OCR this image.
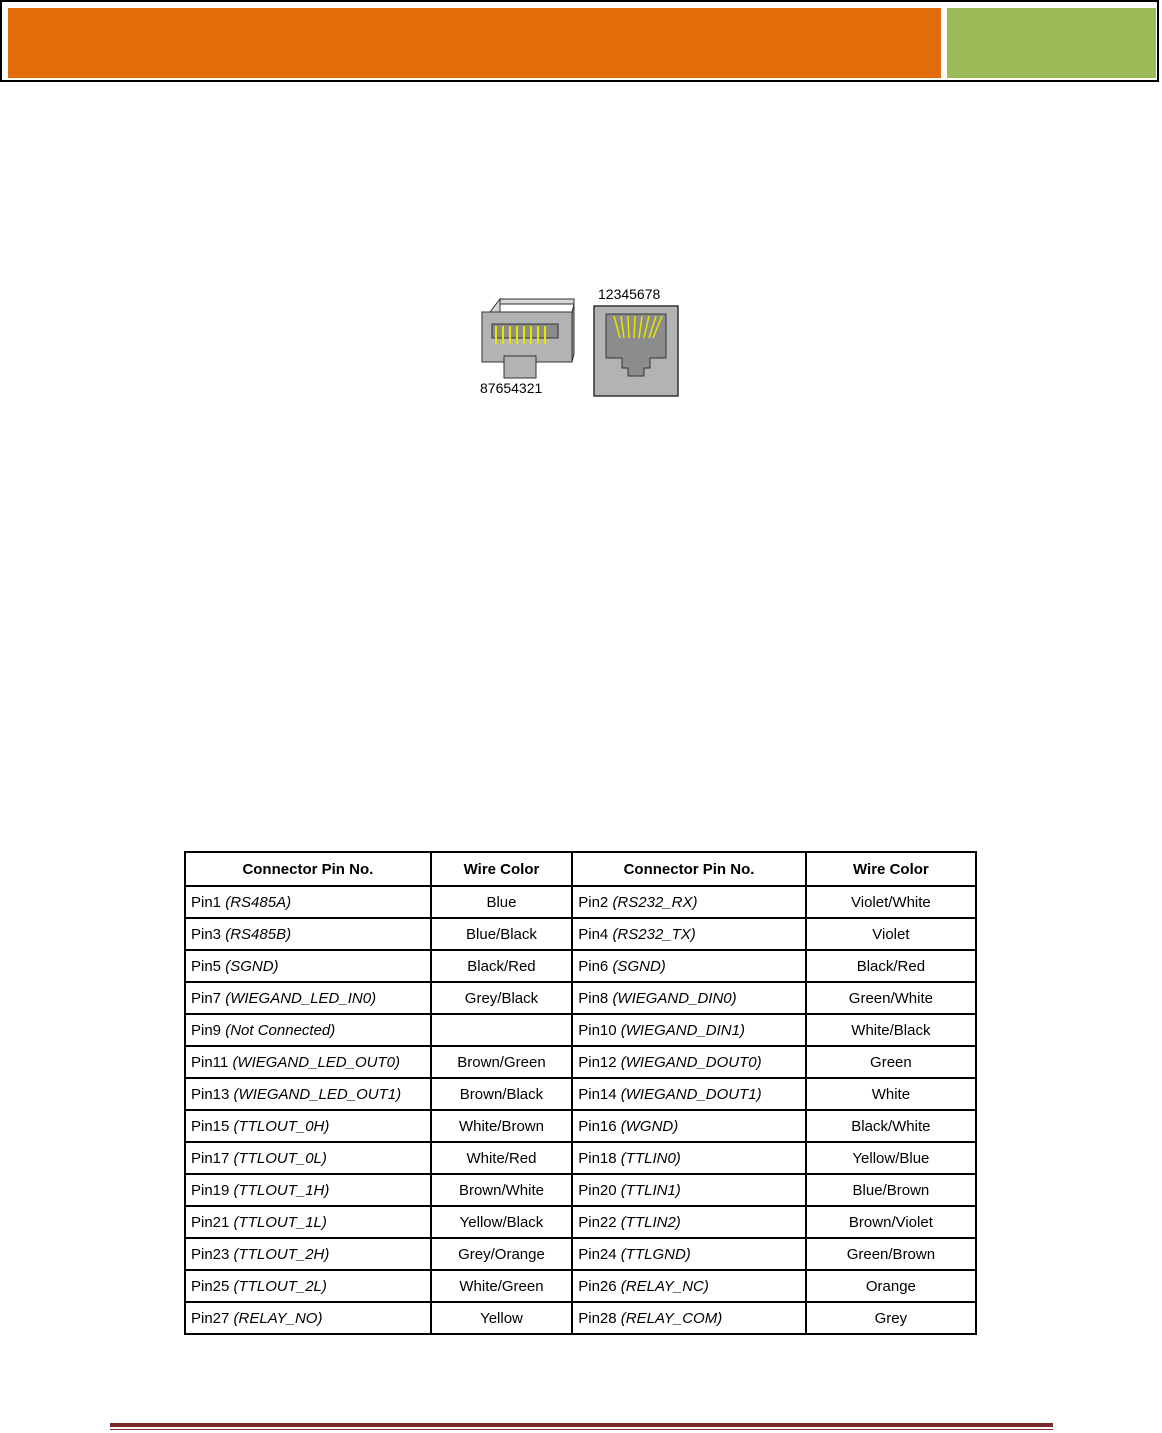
87654321
12345678
Connector Pin No.	Wire Color	Connector Pin No.	Wire Color
Pin1 (RS485A)	Blue	Pin2 (RS232_RX)	Violet/White
Pin3 (RS485B)	Blue/Black	Pin4 (RS232_TX)	Violet
Pin5 (SGND)	Black/Red	Pin6 (SGND)	Black/Red
Pin7 (WIEGAND_LED_IN0)	Grey/Black	Pin8 (WIEGAND_DIN0)	Green/White
Pin9 (Not Connected)		Pin10 (WIEGAND_DIN1)	White/Black
Pin11 (WIEGAND_LED_OUT0)	Brown/Green	Pin12 (WIEGAND_DOUT0)	Green
Pin13 (WIEGAND_LED_OUT1)	Brown/Black	Pin14 (WIEGAND_DOUT1)	White
Pin15 (TTLOUT_0H)	White/Brown	Pin16 (WGND)	Black/White
Pin17 (TTLOUT_0L)	White/Red	Pin18 (TTLIN0)	Yellow/Blue
Pin19 (TTLOUT_1H)	Brown/White	Pin20 (TTLIN1)	Blue/Brown
Pin21 (TTLOUT_1L)	Yellow/Black	Pin22 (TTLIN2)	Brown/Violet
Pin23 (TTLOUT_2H)	Grey/Orange	Pin24 (TTLGND)	Green/Brown
Pin25 (TTLOUT_2L)	White/Green	Pin26 (RELAY_NC)	Orange
Pin27 (RELAY_NO)	Yellow	Pin28 (RELAY_COM)	Grey
